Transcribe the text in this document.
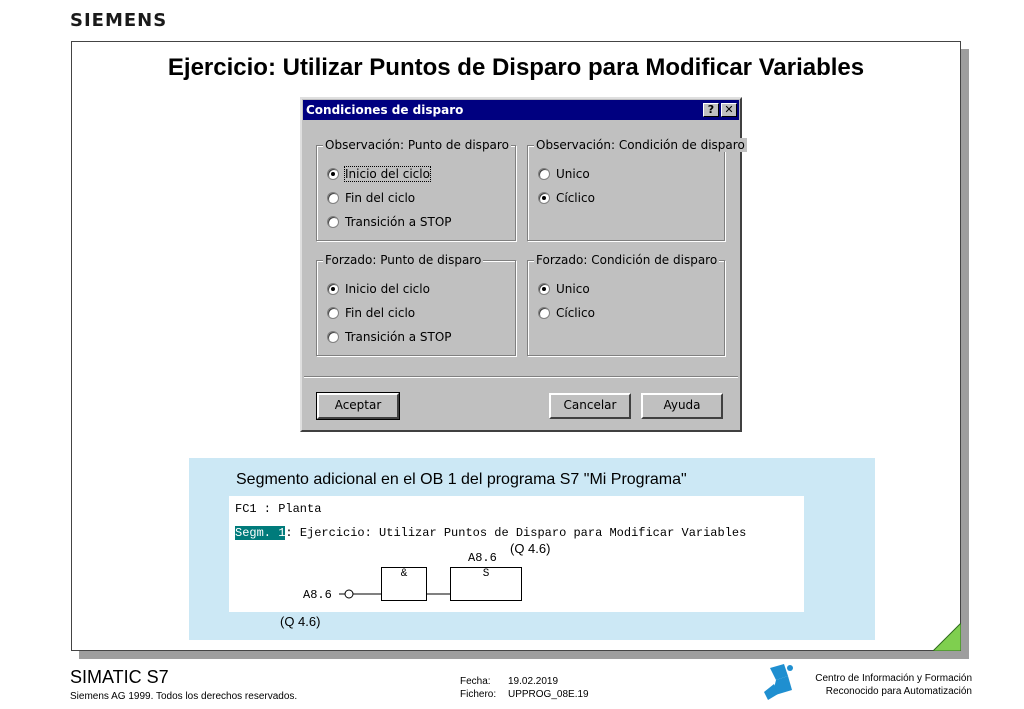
SIEMENS
Ejercicio: Utilizar Puntos de Disparo para Modificar Variables
Condiciones de disparo	? ✕
Observación: Punto de disparo
Inicio del ciclo
Fin del ciclo
Transición a STOP
Observación: Condición de disparo
Unico
Cíclico
Forzado: Punto de disparo
Inicio del ciclo
Fin del ciclo
Transición a STOP
Forzado: Condición de disparo
Unico
Cíclico
Aceptar	Cancelar	Ayuda
Segmento adicional en el OB 1 del programa S7 "Mi Programa"
FC1 : Planta
Segm. 1: Ejercicio: Utilizar Puntos de Disparo para Modificar Variables
A8.6
(Q 4.6)
&	S
A8.6
(Q 4.6)
SIMATIC S7
Siemens AG 1999. Todos los derechos reservados.
Fecha: 19.02.2019
Fichero: UPPROG_08E.19
Centro de Información y Formación
Reconocido para Automatización
